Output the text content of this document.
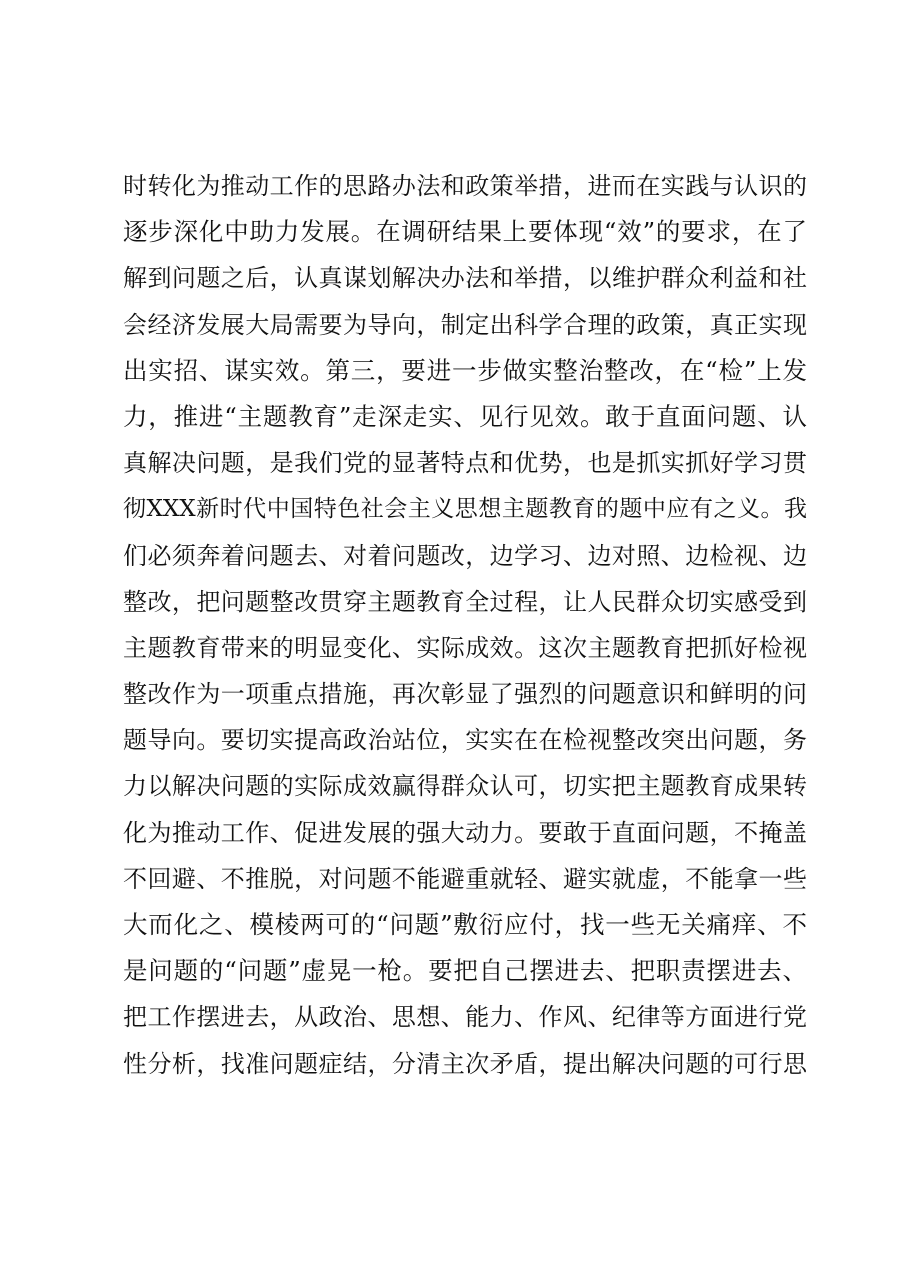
时转化为推动工作的思路办法和政策举措，进而在实践与认识的
逐步深化中助力发展。在调研结果上要体现“效”的要求，在了
解到问题之后，认真谋划解决办法和举措，以维护群众利益和社
会经济发展大局需要为导向，制定出科学合理的政策，真正实现
出实招、谋实效。第三，要进一步做实整治整改，在“检”上发
力，推进“主题教育”走深走实、见行见效。敢于直面问题、认
真解决问题，是我们党的显著特点和优势，也是抓实抓好学习贯
彻XXX新时代中国特色社会主义思想主题教育的题中应有之义。我
们必须奔着问题去、对着问题改，边学习、边对照、边检视、边
整改，把问题整改贯穿主题教育全过程，让人民群众切实感受到
主题教育带来的明显变化、实际成效。这次主题教育把抓好检视
整改作为一项重点措施，再次彰显了强烈的问题意识和鲜明的问
题导向。要切实提高政治站位，实实在在检视整改突出问题，务
力以解决问题的实际成效赢得群众认可，切实把主题教育成果转
化为推动工作、促进发展的强大动力。要敢于直面问题，不掩盖
不回避、不推脱，对问题不能避重就轻、避实就虚，不能拿一些
大而化之、模棱两可的“问题”敷衍应付，找一些无关痛痒、不
是问题的“问题”虚晃一枪。要把自己摆进去、把职责摆进去、
把工作摆进去，从政治、思想、能力、作风、纪律等方面进行党
性分析，找准问题症结，分清主次矛盾，提出解决问题的可行思
